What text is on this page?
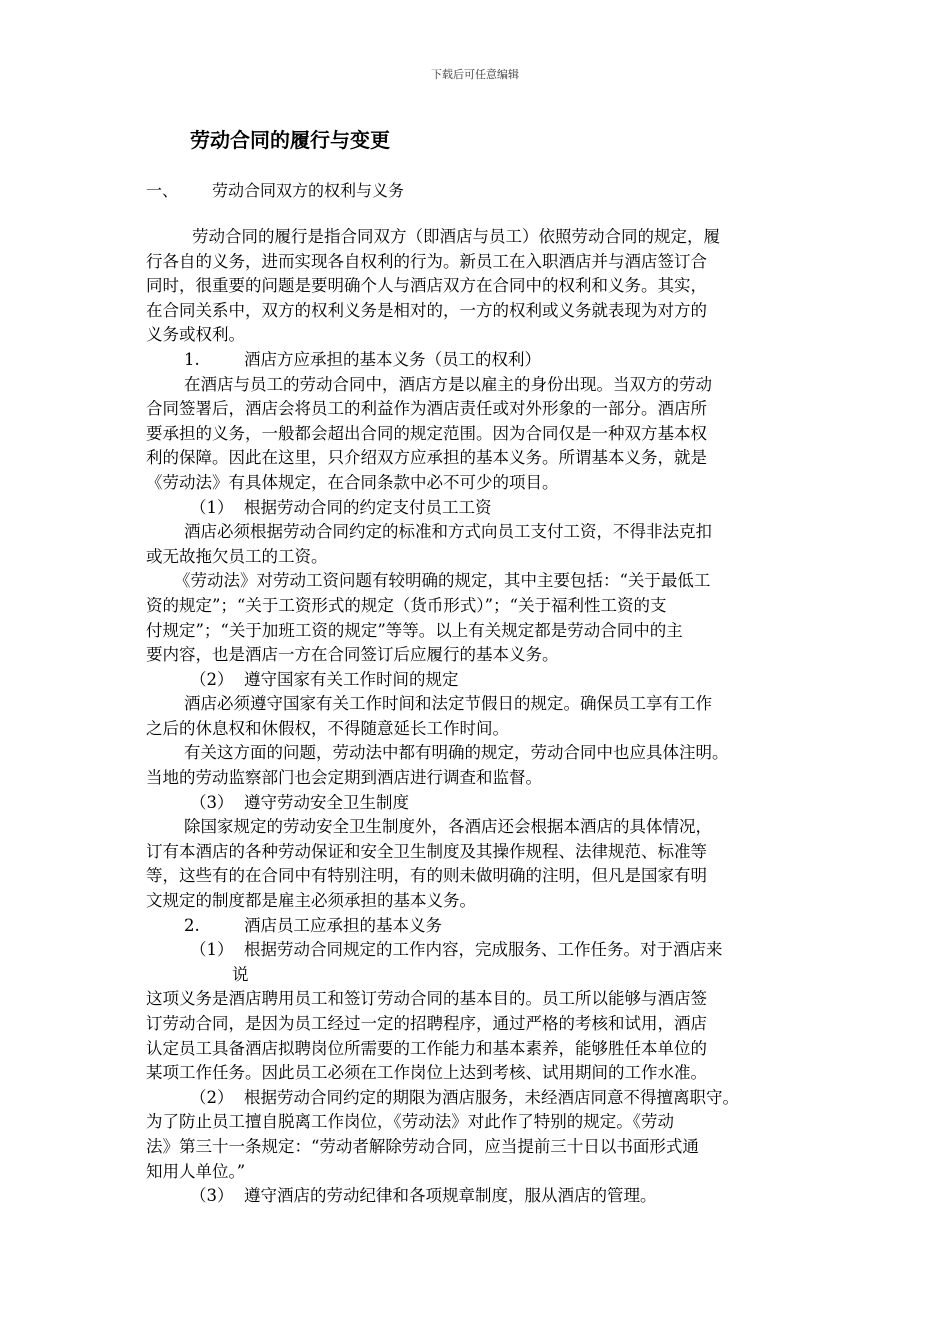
下载后可任意编辑
劳动合同的履行与变更
一、 劳动合同双方的权利与义务
劳动合同的履行是指合同双方（即酒店与员工）依照劳动合同的规定，履
行各自的义务，进而实现各自权利的行为。新员工在入职酒店并与酒店签订合
同时，很重要的问题是要明确个人与酒店双方在合同中的权利和义务。其实，
在合同关系中，双方的权利义务是相对的，一方的权利或义务就表现为对方的
义务或权利。
1.	酒店方应承担的基本义务（员工的权利）
在酒店与员工的劳动合同中，酒店方是以雇主的身份出现。当双方的劳动
合同签署后，酒店会将员工的利益作为酒店责任或对外形象的一部分。酒店所
要承担的义务，一般都会超出合同的规定范围。因为合同仅是一种双方基本权
利的保障。因此在这里，只介绍双方应承担的基本义务。所谓基本义务，就是
《劳动法》有具体规定，在合同条款中必不可少的项目。
（1） 根据劳动合同的约定支付员工工资
酒店必须根据劳动合同约定的标准和方式向员工支付工资，不得非法克扣
或无故拖欠员工的工资。
《劳动法》对劳动工资问题有较明确的规定，其中主要包括：“关于最低工
资的规定”；“关于工资形式的规定（货币形式）”；“关于福利性工资的支
付规定”；“关于加班工资的规定”等等。以上有关规定都是劳动合同中的主
要内容，也是酒店一方在合同签订后应履行的基本义务。
（2） 遵守国家有关工作时间的规定
酒店必须遵守国家有关工作时间和法定节假日的规定。确保员工享有工作
之后的休息权和休假权，不得随意延长工作时间。
有关这方面的问题，劳动法中都有明确的规定，劳动合同中也应具体注明。
当地的劳动监察部门也会定期到酒店进行调查和监督。
（3） 遵守劳动安全卫生制度
除国家规定的劳动安全卫生制度外，各酒店还会根据本酒店的具体情况，
订有本酒店的各种劳动保证和安全卫生制度及其操作规程、法律规范、标准等
等，这些有的在合同中有特别注明，有的则未做明确的注明，但凡是国家有明
文规定的制度都是雇主必须承担的基本义务。
2.	酒店员工应承担的基本义务
（1） 根据劳动合同规定的工作内容，完成服务、工作任务。对于酒店来
说
这项义务是酒店聘用员工和签订劳动合同的基本目的。员工所以能够与酒店签
订劳动合同，是因为员工经过一定的招聘程序，通过严格的考核和试用，酒店
认定员工具备酒店拟聘岗位所需要的工作能力和基本素养，能够胜任本单位的
某项工作任务。因此员工必须在工作岗位上达到考核、试用期间的工作水准。
（2） 根据劳动合同约定的期限为酒店服务，未经酒店同意不得擅离职守。
为了防止员工擅自脱离工作岗位，《劳动法》对此作了特别的规定。《劳动
法》第三十一条规定：“劳动者解除劳动合同，应当提前三十日以书面形式通
知用人单位。”
（3） 遵守酒店的劳动纪律和各项规章制度，服从酒店的管理。
